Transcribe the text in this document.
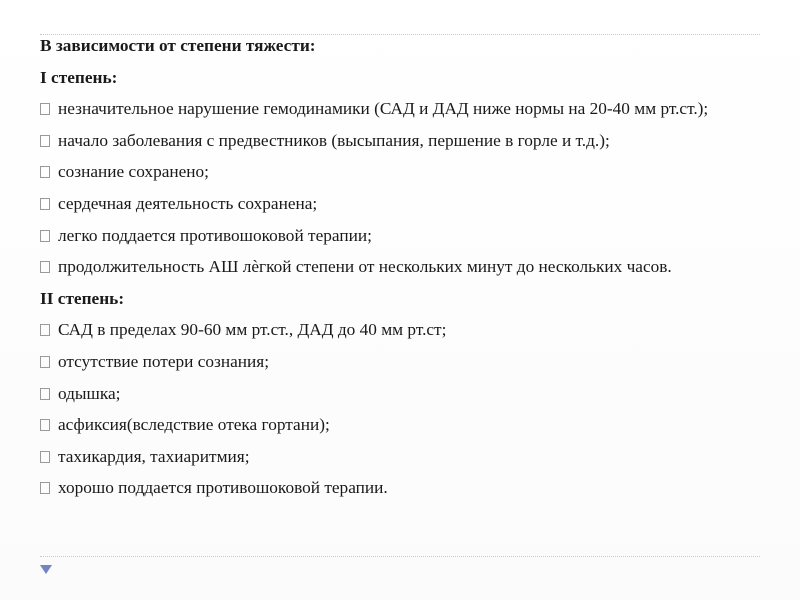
В зависимости от степени тяжести:

I степень:

незначительное нарушение гемодинамики (САД и ДАД ниже нормы на 20-40 мм рт.ст.);

начало заболевания с предвестников (высыпания, першение в горле и т.д.);

сознание сохранено;

сердечная деятельность сохранена;

легко поддается противошоковой терапии;

продолжительность АШ лѐгкой степени от нескольких минут до нескольких часов.

II степень:

САД в пределах 90-60 мм рт.ст., ДАД до 40 мм рт.ст;

отсутствие потери сознания;

одышка;

асфиксия(вследствие отека гортани);

тахикардия, тахиаритмия;

хорошо поддается противошоковой терапии.
